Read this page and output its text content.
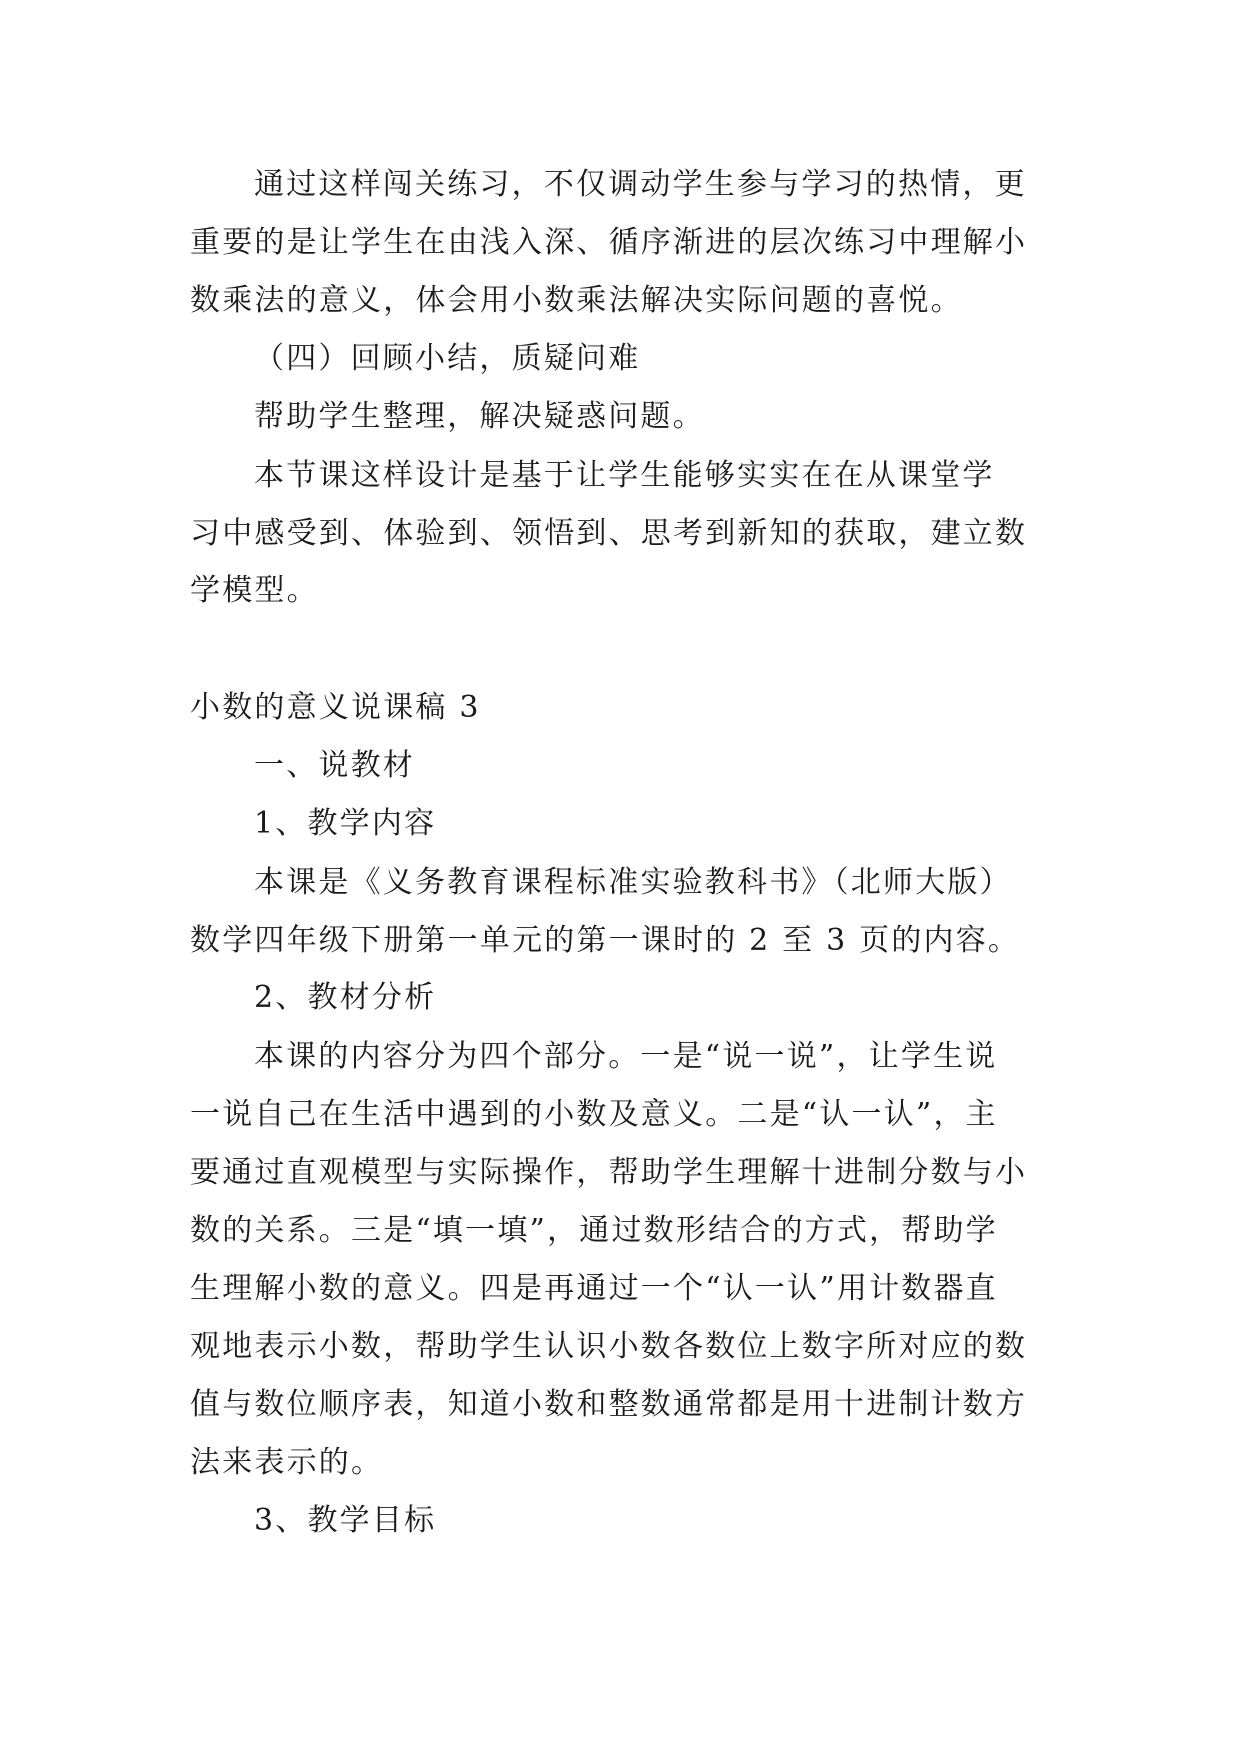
通过这样闯关练习，不仅调动学生参与学习的热情，更
重要的是让学生在由浅入深、循序渐进的层次练习中理解小
数乘法的意义，体会用小数乘法解决实际问题的喜悦。
（四）回顾小结，质疑问难
帮助学生整理，解决疑惑问题。
本节课这样设计是基于让学生能够实实在在从课堂学
习中感受到、体验到、领悟到、思考到新知的获取，建立数
学模型。
小数的意义说课稿 3
一、说教材
1、教学内容
本课是《义务教育课程标准实验教科书》（北师大版）
数学四年级下册第一单元的第一课时的 2 至 3 页的内容。
2、教材分析
本课的内容分为四个部分。一是“说一说”，让学生说
一说自己在生活中遇到的小数及意义。二是“认一认”，主
要通过直观模型与实际操作，帮助学生理解十进制分数与小
数的关系。三是“填一填”，通过数形结合的方式，帮助学
生理解小数的意义。四是再通过一个“认一认”用计数器直
观地表示小数，帮助学生认识小数各数位上数字所对应的数
值与数位顺序表，知道小数和整数通常都是用十进制计数方
法来表示的。
3、教学目标
